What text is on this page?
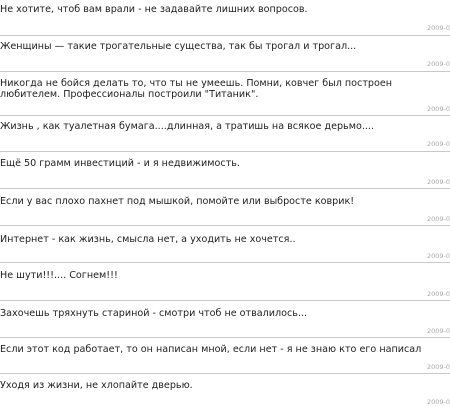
Не хотите, чтоб вам врали - не задавайте лишних вопросов.
2009-0
Женщины — такие трогательные существа, так бы трогал и трогал...
2009-0
Никогда не бойся делать то, что ты не умеешь. Помни, ковчег был построен любителем. Профессионалы построили "Титаник".
2009-0
Жизнь , как туалетная бумага....длинная, а тратишь на всякое дерьмо....
2009-0
Ещё 50 грамм инвестиций - и я недвижимость.
2009-0
Если у вас плохо пахнет под мышкой, помойте или выбросте коврик!
2009-0
Интернет - как жизнь, смысла нет, а уходить не хочется..
2009-0
Не шути!!!.... Согнем!!!
2009-0
Захочешь тряхнуть стариной - смотри чтоб не отвалилось...
2009-0
Если этот код работает, то он написан мной, если нет - я не знаю кто его написал
2009-0
Уходя из жизни, не хлопайте дверью.
2009-0
